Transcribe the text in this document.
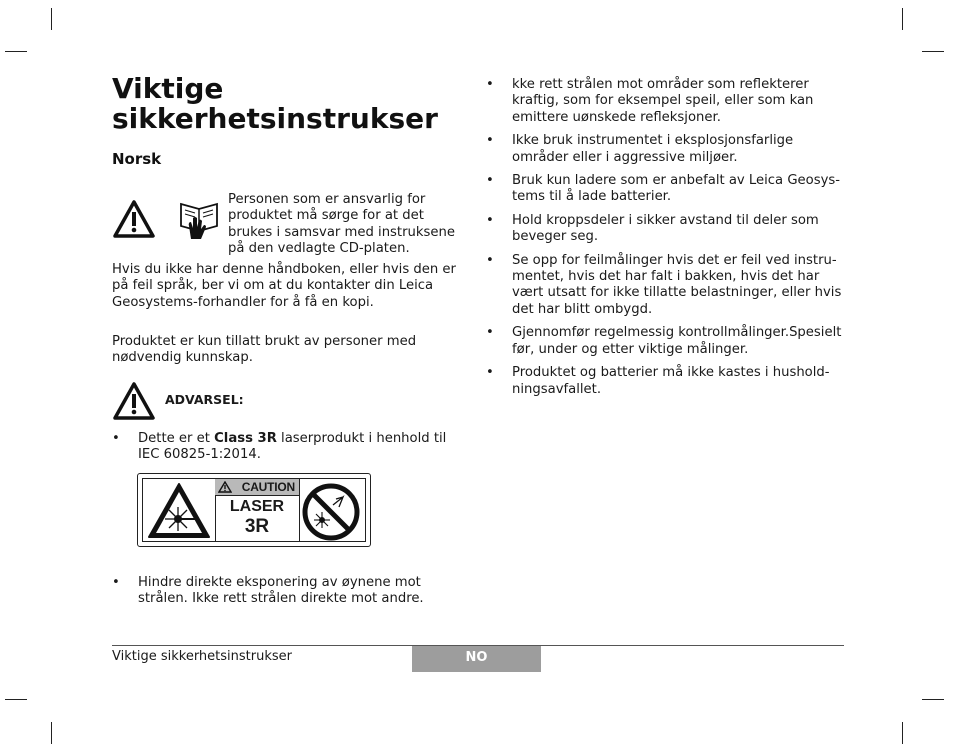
Viktige sikkerhetsinstrukser
Norsk

Personen som er ansvarlig for produktet må sørge for at det brukes i samsvar med instruksene på den vedlagte CD-platen.

Hvis du ikke har denne håndboken, eller hvis den er på feil språk, ber vi om at du kontakter din Leica Geosystems-forhandler for å få en kopi.

Produktet er kun tillatt brukt av personer med nødvendig kunnskap.

ADVARSEL:

• Dette er et Class 3R laserprodukt i henhold til IEC 60825-1:2014.
CAUTION
LASER
3R
• Hindre direkte eksponering av øynene mot strålen. Ikke rett strålen direkte mot andre.
• kke rett strålen mot områder som reflekterer kraftig, som for eksempel speil, eller som kan emittere uønskede refleksjoner.
• Ikke bruk instrumentet i eksplosjonsfarlige områder eller i aggressive miljøer.
• Bruk kun ladere som er anbefalt av Leica Geosys-tems til å lade batterier.
• Hold kroppsdeler i sikker avstand til deler som beveger seg.
• Se opp for feilmålinger hvis det er feil ved instru-mentet, hvis det har falt i bakken, hvis det har vært utsatt for ikke tillatte belastninger, eller hvis det har blitt ombygd.
• Gjennomfør regelmessig kontrollmålinger.Spesielt før, under og etter viktige målinger.
• Produktet og batterier må ikke kastes i hushold-ningsavfallet.
Viktige sikkerhetsinstrukser	NO
